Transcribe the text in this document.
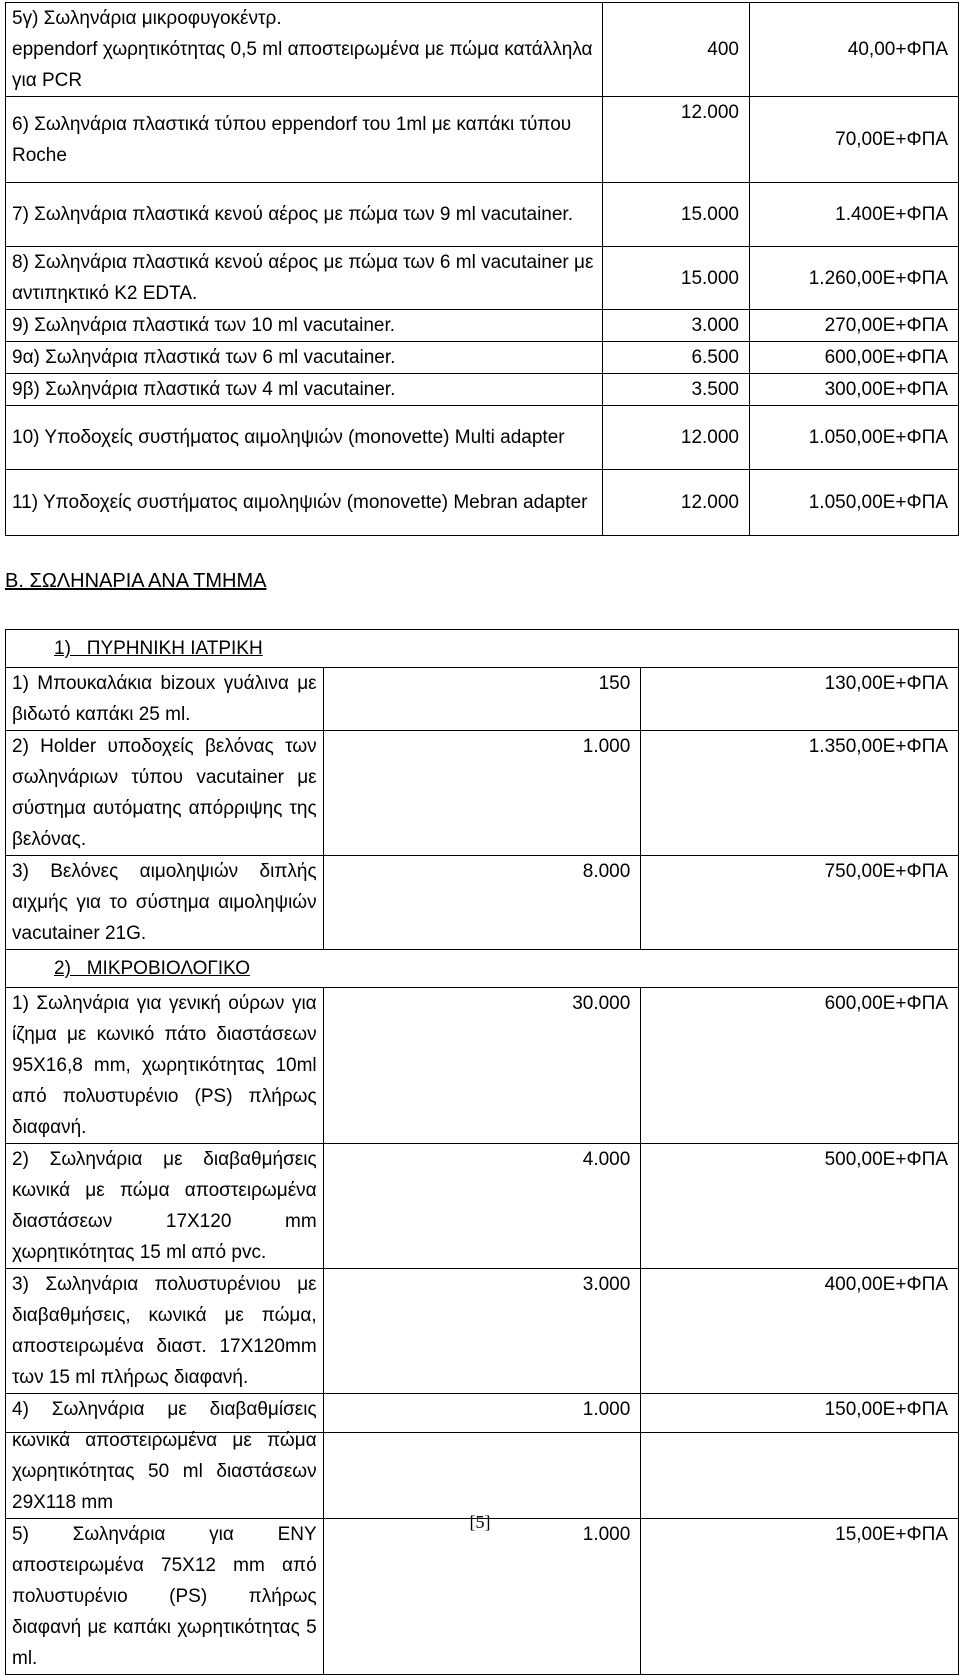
5γ) Σωληνάρια μικροφυγοκέντρ.
eppendorf χωρητικότητας 0,5 ml αποστειρωμένα με πώμα κατάλληλα για PCR	400	40,00+ΦΠΑ
6) Σωληνάρια πλαστικά τύπου eppendorf του 1ml με καπάκι τύπου Roche	12.000	70,00Ε+ΦΠΑ
7) Σωληνάρια πλαστικά κενού αέρος με πώμα των 9 ml vacutainer.	15.000	1.400Ε+ΦΠΑ
8) Σωληνάρια πλαστικά κενού αέρος με πώμα των 6 ml vacutainer με αντιπηκτικό Κ2 EDTA.	15.000	1.260,00Ε+ΦΠΑ
9) Σωληνάρια πλαστικά των 10 ml vacutainer.	3.000	270,00Ε+ΦΠΑ
9α) Σωληνάρια πλαστικά των 6 ml vacutainer.	6.500	600,00Ε+ΦΠΑ
9β) Σωληνάρια πλαστικά των 4 ml vacutainer.	3.500	300,00Ε+ΦΠΑ
10) Υποδοχείς συστήματος αιμοληψιών (monovette) Multi adapter	12.000	1.050,00Ε+ΦΠΑ
11) Υποδοχείς συστήματος αιμοληψιών (monovette) Mebran adapter	12.000	1.050,00Ε+ΦΠΑ
Β. ΣΩΛΗΝΑΡΙΑ ΑΝΑ ΤΜΗΜΑ
1)   ΠΥΡΗΝΙΚΗ ΙΑΤΡΙΚΗ		
1) Μπουκαλάκια bizoux γυάλινα με βιδωτό καπάκι 25 ml.	150	130,00Ε+ΦΠΑ
2) Holder υποδοχείς βελόνας των σωληνάριων τύπου vacutainer με σύστημα αυτόματης απόρριψης της βελόνας.	1.000	1.350,00Ε+ΦΠΑ
3) Βελόνες αιμοληψιών διπλής αιχμής για το σύστημα αιμοληψιών vacutainer 21G.	8.000	750,00Ε+ΦΠΑ
2)   ΜΙΚΡΟΒΙΟΛΟΓΙΚΟ		
1) Σωληνάρια για γενική ούρων για ίζημα με κωνικό πάτο διαστάσεων 95Χ16,8 mm, χωρητικότητας 10ml από πολυστυρένιο (PS) πλήρως διαφανή.	30.000	600,00Ε+ΦΠΑ
2) Σωληνάρια με διαβαθμήσεις κωνικά με πώμα αποστειρωμένα διαστάσεων 17Χ120 mm χωρητικότητας 15 ml από pvc.	4.000	500,00Ε+ΦΠΑ
3) Σωληνάρια πολυστυρένιου με διαβαθμήσεις, κωνικά με πώμα, αποστειρωμένα διαστ. 17Χ120mm των 15 ml πλήρως διαφανή.	3.000	400,00Ε+ΦΠΑ
4) Σωληνάρια με διαβαθμίσεις κωνικά αποστειρωμένα με πώμα χωρητικότητας 50 ml διαστάσεων 29Χ118 mm	1.000	150,00Ε+ΦΠΑ
5) Σωληνάρια για ΕΝΥ αποστειρωμένα 75Χ12 mm από πολυστυρένιο (PS) πλήρως διαφανή με καπάκι χωρητικότητας 5 ml.	1.000	15,00Ε+ΦΠΑ
[5]
